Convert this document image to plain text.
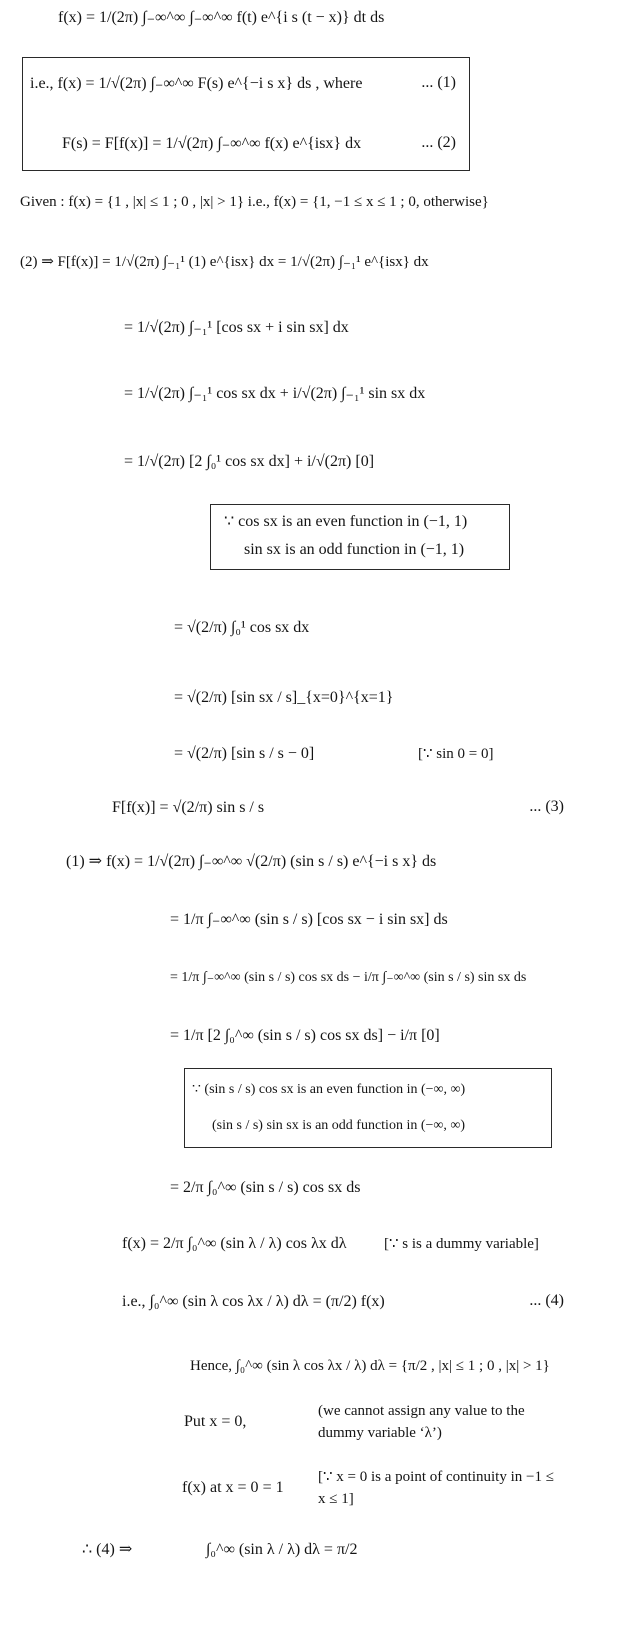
f(x) = 1/(2π) ∫₋∞^∞ ∫₋∞^∞ f(t) e^{i s (t − x)} dt ds
i.e., f(x) = 1/√(2π) ∫₋∞^∞ F(s) e^{−i s x} ds , where	... (1)
F(s) = F[f(x)] = 1/√(2π) ∫₋∞^∞ f(x) e^{isx} dx	... (2)
Given : f(x) = {1 , |x| ≤ 1 ; 0 , |x| > 1} i.e., f(x) = {1, −1 ≤ x ≤ 1 ; 0, otherwise}
(2) ⇒ F[f(x)] = 1/√(2π) ∫₋₁¹ (1) e^{isx} dx = 1/√(2π) ∫₋₁¹ e^{isx} dx
= 1/√(2π) ∫₋₁¹ [cos sx + i sin sx] dx
= 1/√(2π) ∫₋₁¹ cos sx dx + i/√(2π) ∫₋₁¹ sin sx dx
= 1/√(2π) [2 ∫₀¹ cos sx dx] + i/√(2π) [0]
∵ cos sx is an even function in (−1, 1)
sin sx is an odd function in (−1, 1)
= √(2/π) ∫₀¹ cos sx dx
= √(2/π) [sin sx / s]_{x=0}^{x=1}
= √(2/π) [sin s / s − 0]	[∵ sin 0 = 0]
F[f(x)] = √(2/π) sin s / s	... (3)
(1) ⇒ f(x) = 1/√(2π) ∫₋∞^∞ √(2/π) (sin s / s) e^{−i s x} ds
= 1/π ∫₋∞^∞ (sin s / s) [cos sx − i sin sx] ds
= 1/π ∫₋∞^∞ (sin s / s) cos sx ds − i/π ∫₋∞^∞ (sin s / s) sin sx ds
= 1/π [2 ∫₀^∞ (sin s / s) cos sx ds] − i/π [0]
∵ (sin s / s) cos sx is an even function in (−∞, ∞)
(sin s / s) sin sx is an odd function in (−∞, ∞)
= 2/π ∫₀^∞ (sin s / s) cos sx ds
f(x) = 2/π ∫₀^∞ (sin λ / λ) cos λx dλ [∵ s is a dummy variable]
i.e., ∫₀^∞ (sin λ cos λx / λ) dλ = (π/2) f(x)	... (4)
Hence, ∫₀^∞ (sin λ cos λx / λ) dλ = {π/2 , |x| ≤ 1 ; 0 , |x| > 1}
Put x = 0,
(we cannot assign any value to the dummy variable ‘λ’)
f(x) at x = 0 = 1
[∵ x = 0 is a point of continuity in −1 ≤ x ≤ 1]
∴ (4) ⇒	∫₀^∞ (sin λ / λ) dλ = π/2
